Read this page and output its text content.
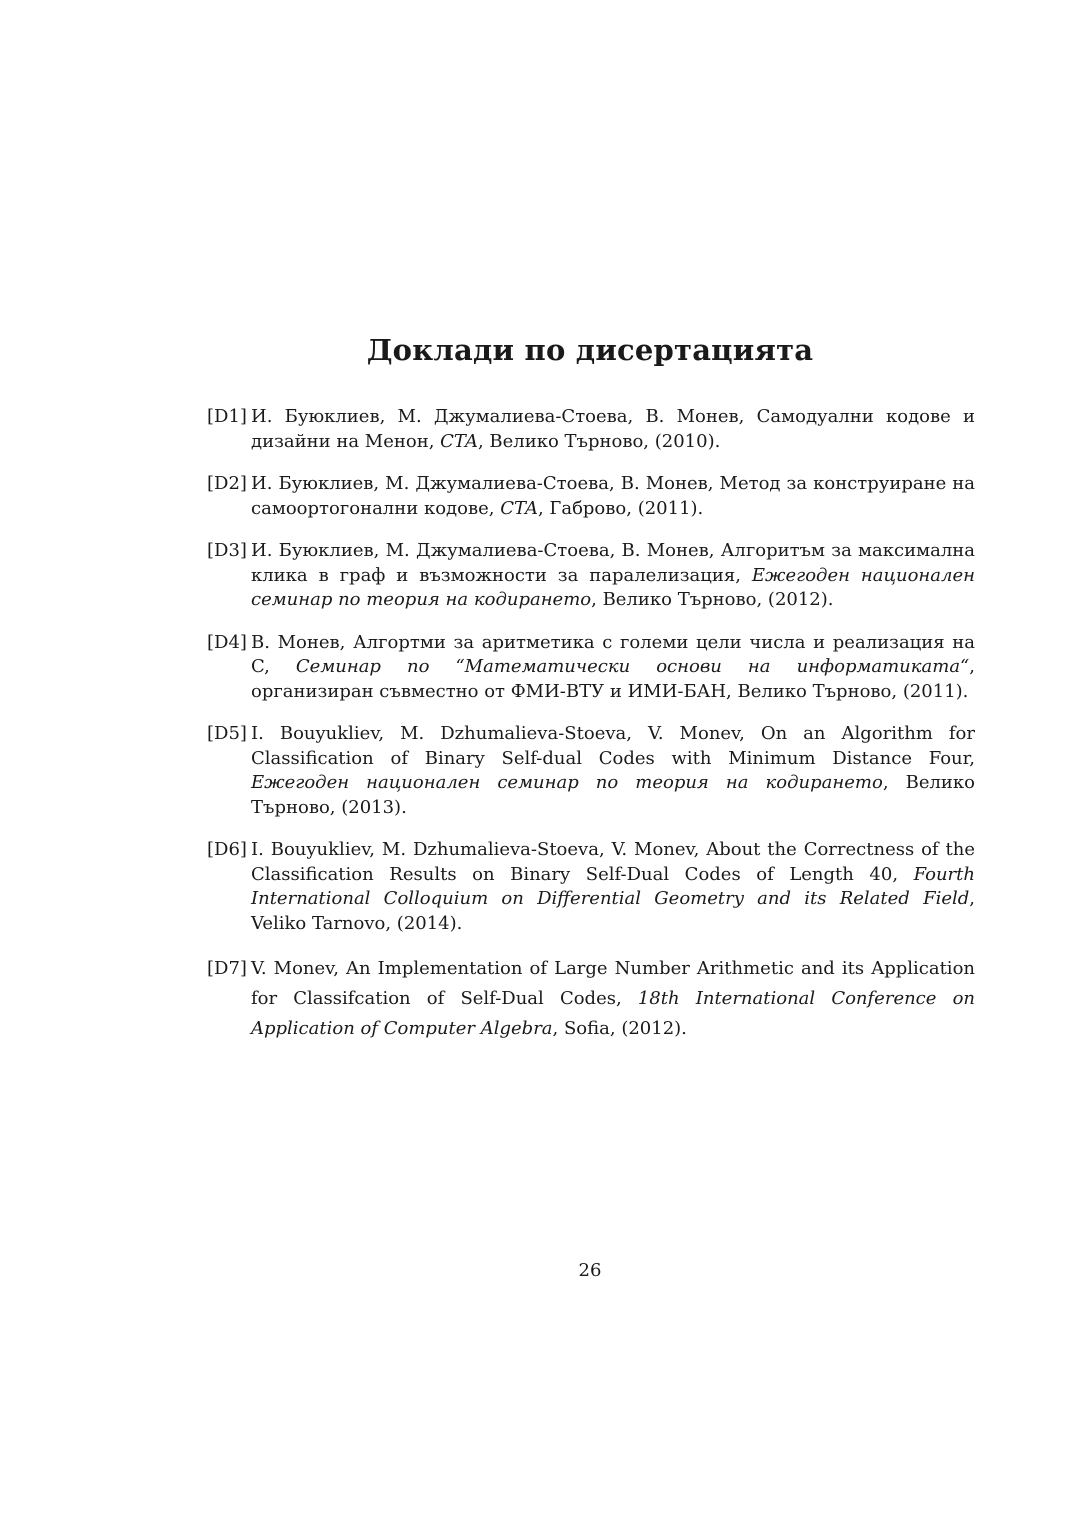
Доклади по дисертацията
[D1] И. Буюклиев, М. Джумалиева-Стоева, В. Монев, Самодуални кодове и дизайни на Менон, CTA, Велико Търново, (2010).
[D2] И. Буюклиев, М. Джумалиева-Стоева, В. Монев, Метод за конструиране на самоортогонални кодове, CTA, Габрово, (2011).
[D3] И. Буюклиев, М. Джумалиева-Стоева, В. Монев, Алгоритъм за максимална клика в граф и възможности за паралелизация, Ежегоден национален семинар по теория на кодирането, Велико Търново, (2012).
[D4] В. Монев, Алгортми за аритметика с големи цели числа и реализация на C, Семинар по “Математически основи на информатиката“, организиран съвместно от ФМИ-ВТУ и ИМИ-БАН, Велико Търново, (2011).
[D5] I. Bouyukliev, M. Dzhumalieva-Stoeva, V. Monev, On an Algorithm for Classification of Binary Self-dual Codes with Minimum Distance Four, Ежегоден национален семинар по теория на кодирането, Велико Търново, (2013).
[D6] I. Bouyukliev, M. Dzhumalieva-Stoeva, V. Monev, About the Correctness of the Classification Results on Binary Self-Dual Codes of Length 40, Fourth International Colloquium on Differential Geometry and its Related Field, Veliko Tarnovo, (2014).
[D7] V. Monev, An Implementation of Large Number Arithmetic and its Application for Classifcation of Self-Dual Codes, 18th International Conference on Application of Computer Algebra, Sofia, (2012).
26
